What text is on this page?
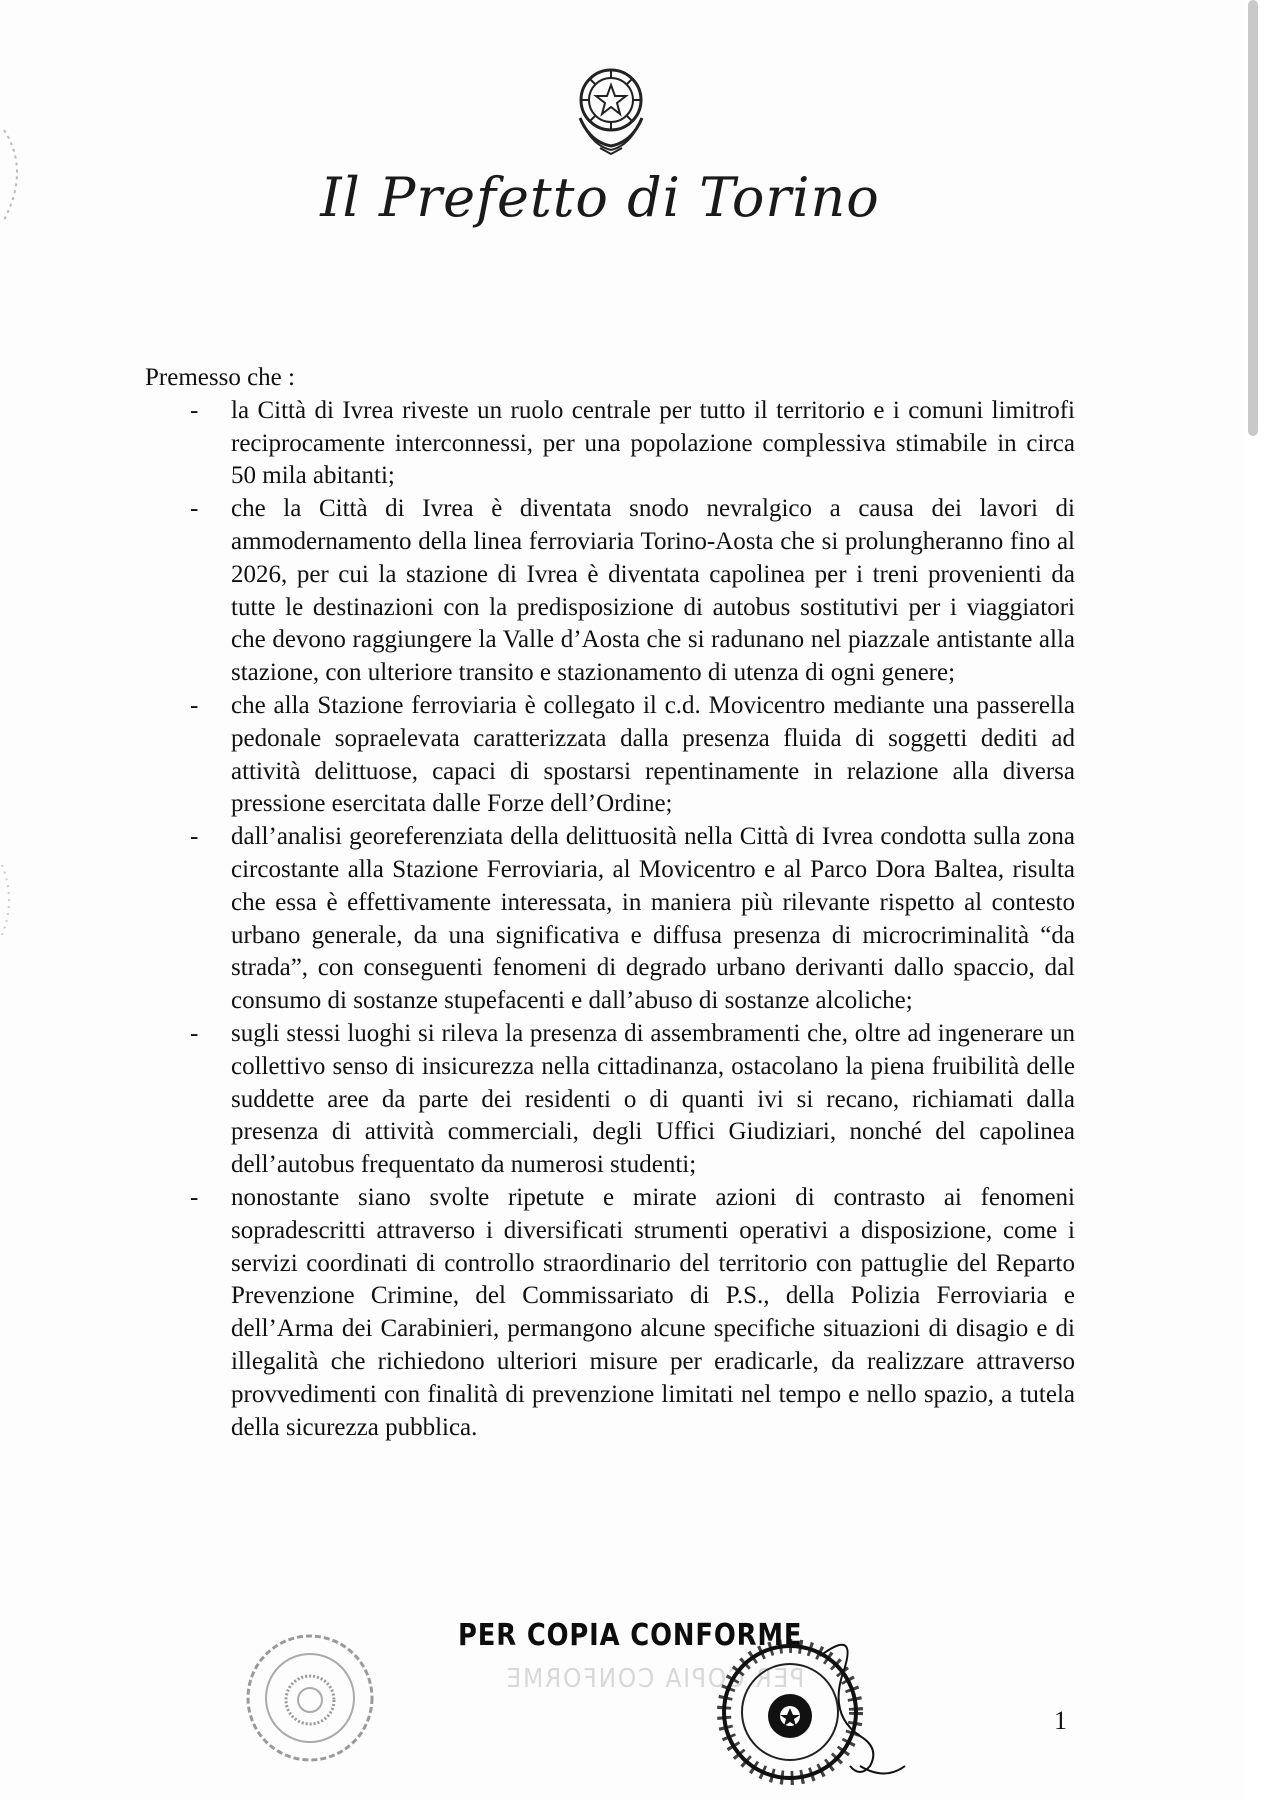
Il Prefetto di Torino

Premesso che :

- la Città di Ivrea riveste un ruolo centrale per tutto il territorio e i comuni limitrofi reciprocamente interconnessi, per una popolazione complessiva stimabile in circa 50 mila abitanti;
- che la Città di Ivrea è diventata snodo nevralgico a causa dei lavori di ammodernamento della linea ferroviaria Torino-Aosta che si prolungheranno fino al 2026, per cui la stazione di Ivrea è diventata capolinea per i treni provenienti da tutte le destinazioni con la predisposizione di autobus sostitutivi per i viaggiatori che devono raggiungere la Valle d’Aosta che si radunano nel piazzale antistante alla stazione, con ulteriore transito e stazionamento di utenza di ogni genere;
- che alla Stazione ferroviaria è collegato il c.d. Movicentro mediante una passerella pedonale sopraelevata caratterizzata dalla presenza fluida di soggetti dediti ad attività delittuose, capaci di spostarsi repentinamente in relazione alla diversa pressione esercitata dalle Forze dell’Ordine;
- dall’analisi georeferenziata della delittuosità nella Città di Ivrea condotta sulla zona circostante alla Stazione Ferroviaria, al Movicentro e al Parco Dora Baltea, risulta che essa è effettivamente interessata, in maniera più rilevante rispetto al contesto urbano generale, da una significativa e diffusa presenza di microcriminalità “da strada”, con conseguenti fenomeni di degrado urbano derivanti dallo spaccio, dal consumo di sostanze stupefacenti e dall’abuso di sostanze alcoliche;
- sugli stessi luoghi si rileva la presenza di assembramenti che, oltre ad ingenerare un collettivo senso di insicurezza nella cittadinanza, ostacolano la piena fruibilità delle suddette aree da parte dei residenti o di quanti ivi si recano, richiamati dalla presenza di attività commerciali, degli Uffici Giudiziari, nonché del capolinea dell’autobus frequentato da numerosi studenti;
- nonostante siano svolte ripetute e mirate azioni di contrasto ai fenomeni sopradescritti attraverso i diversificati strumenti operativi a disposizione, come i servizi coordinati di controllo straordinario del territorio con pattuglie del Reparto Prevenzione Crimine, del Commissariato di P.S., della Polizia Ferroviaria e dell’Arma dei Carabinieri, permangono alcune specifiche situazioni di disagio e di illegalità che richiedono ulteriori misure per eradicarle, da realizzare attraverso provvedimenti con finalità di prevenzione limitati nel tempo e nello spazio, a tutela della sicurezza pubblica.
PER COPIA CONFORME
PER COPIA CONFORME
1
